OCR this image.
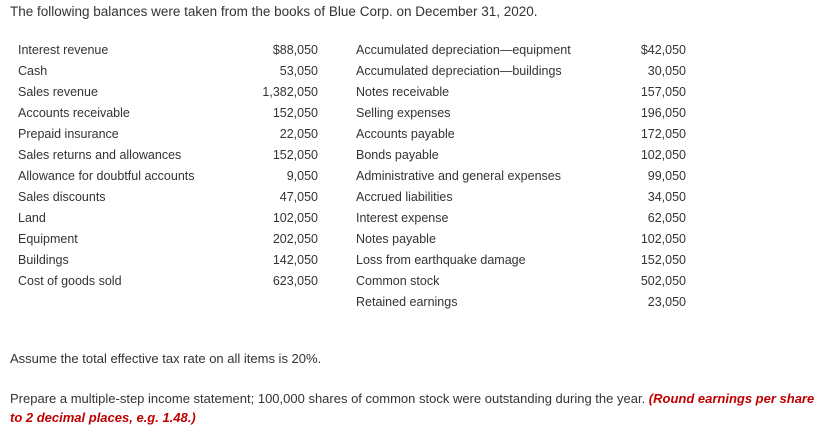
The following balances were taken from the books of Blue Corp. on December 31, 2020.
Interest revenue
Cash
Sales revenue
Accounts receivable
Prepaid insurance
Sales returns and allowances
Allowance for doubtful accounts
Sales discounts
Land
Equipment
Buildings
Cost of goods sold
$88,050
53,050
1,382,050
152,050
22,050
152,050
9,050
47,050
102,050
202,050
142,050
623,050
Accumulated depreciation—equipment
Accumulated depreciation—buildings
Notes receivable
Selling expenses
Accounts payable
Bonds payable
Administrative and general expenses
Accrued liabilities
Interest expense
Notes payable
Loss from earthquake damage
Common stock
Retained earnings
$42,050
30,050
157,050
196,050
172,050
102,050
99,050
34,050
62,050
102,050
152,050
502,050
23,050
Assume the total effective tax rate on all items is 20%.
Prepare a multiple-step income statement; 100,000 shares of common stock were outstanding during the year. (Round earnings per share to 2 decimal places, e.g. 1.48.)
